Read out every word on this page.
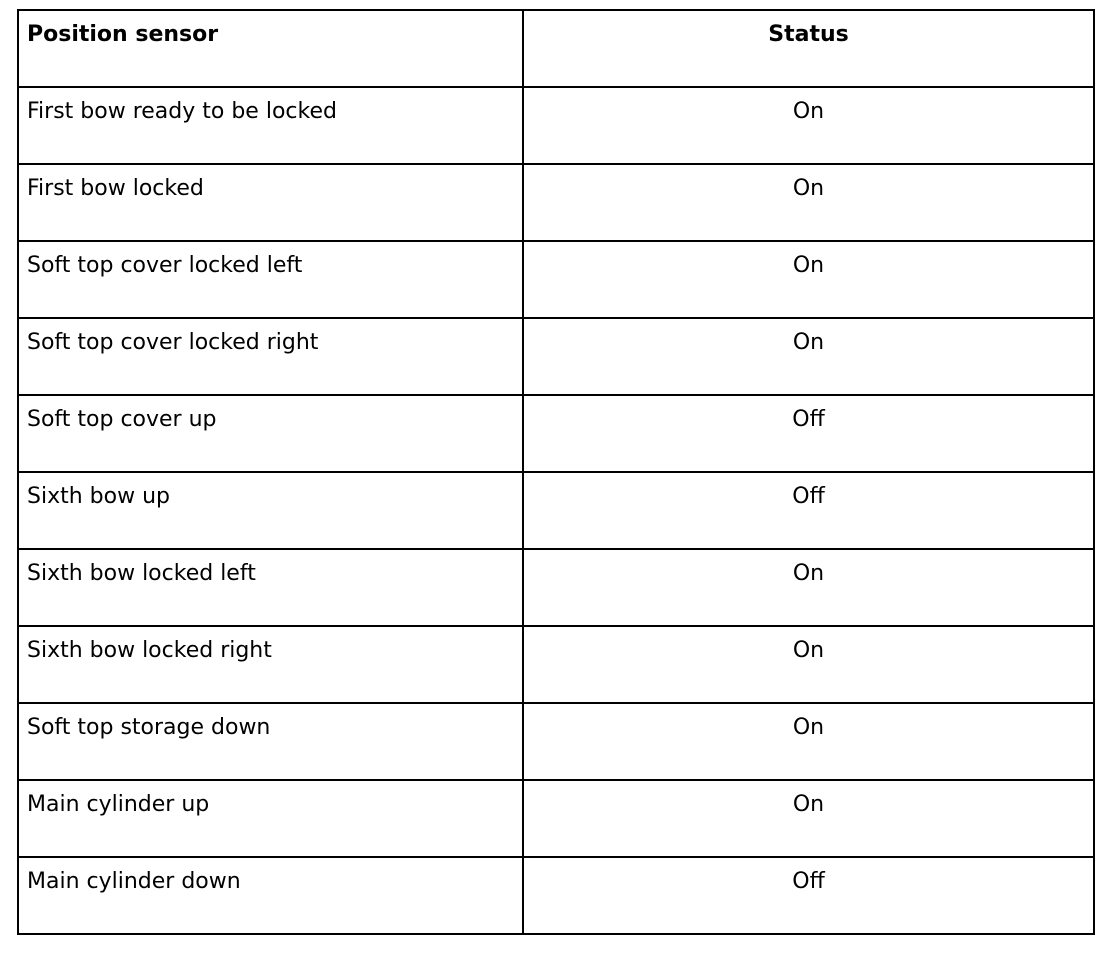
Position sensor	Status

First bow ready to be locked	On

First bow locked	On

Soft top cover locked left	On

Soft top cover locked right	On

Soft top cover up	Off

Sixth bow up	Off

Sixth bow locked left	On

Sixth bow locked right	On

Soft top storage down	On

Main cylinder up	On

Main cylinder down	Off
